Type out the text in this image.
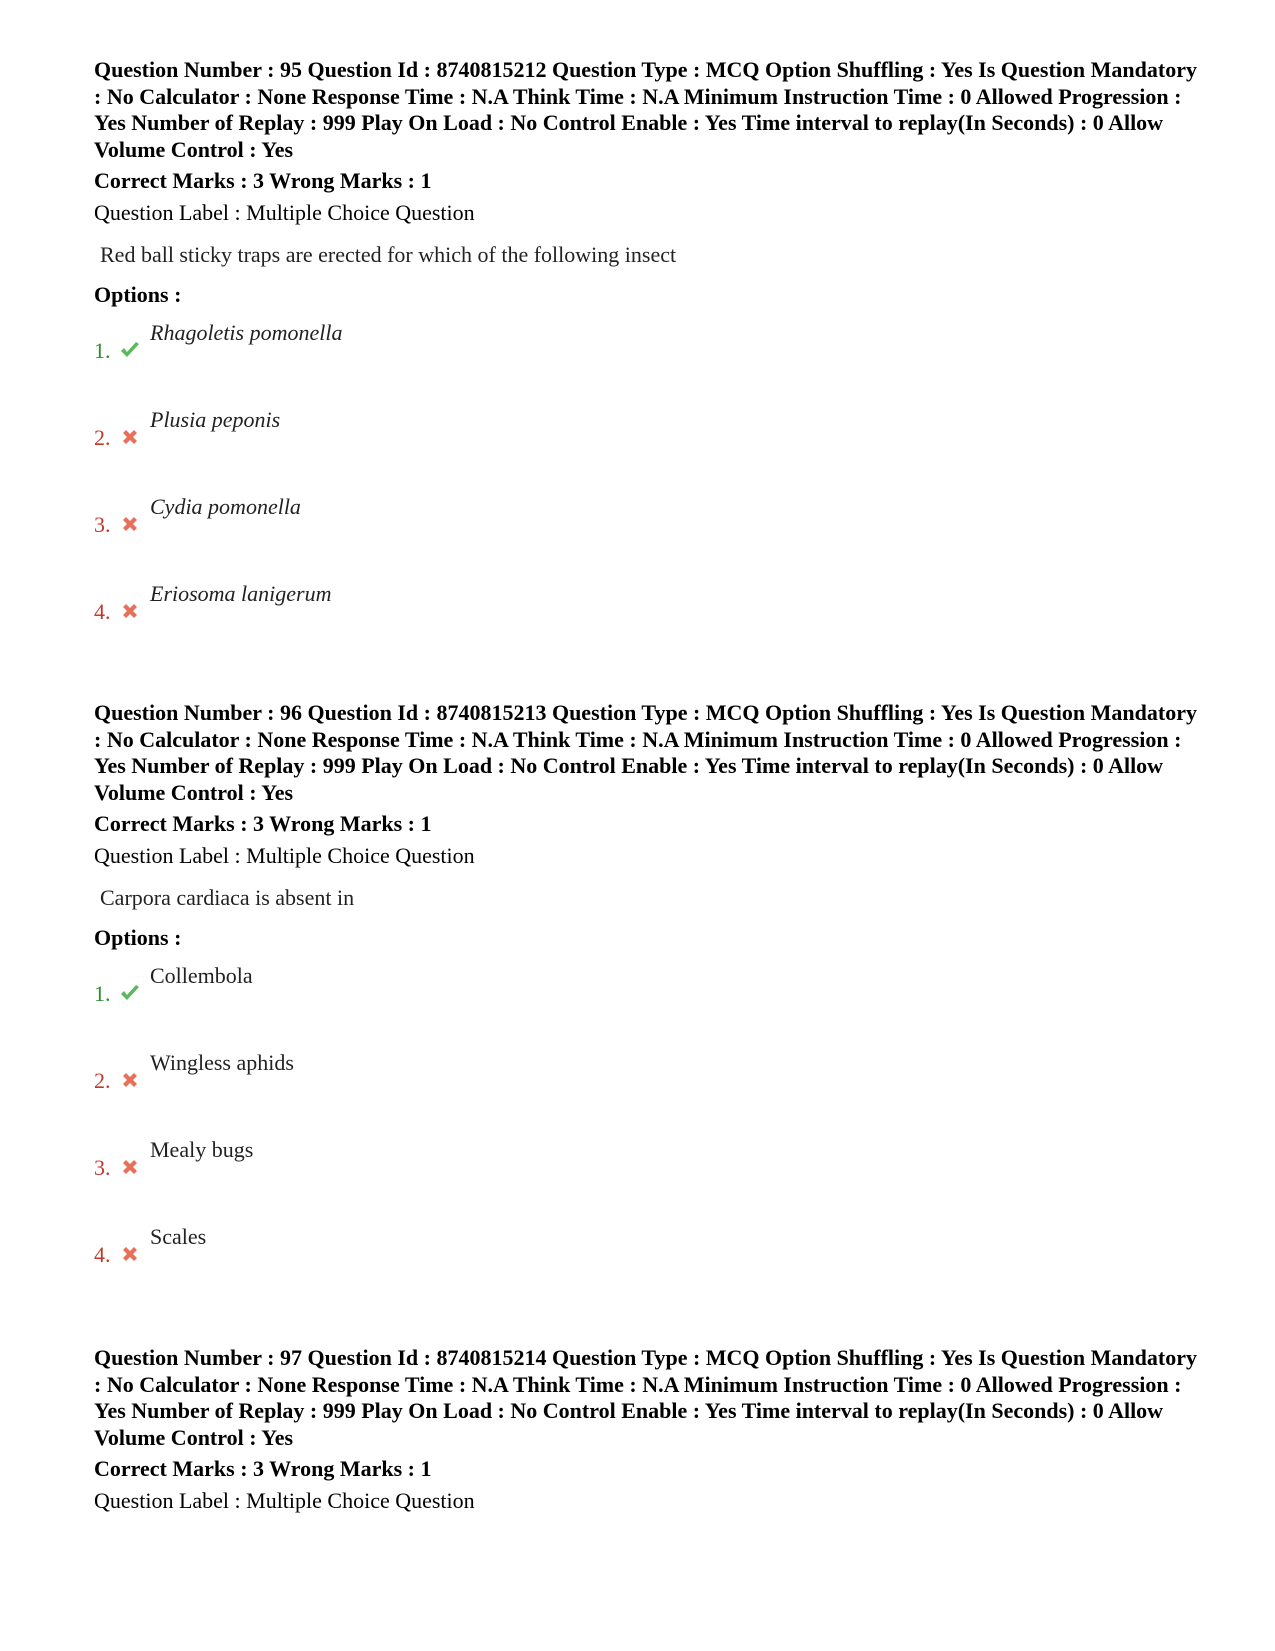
Question Number : 95 Question Id : 8740815212 Question Type : MCQ Option Shuffling : Yes Is Question Mandatory : No Calculator : None Response Time : N.A Think Time : N.A Minimum Instruction Time : 0 Allowed Progression : Yes Number of Replay : 999 Play On Load : No Control Enable : Yes Time interval to replay(In Seconds) : 0 Allow Volume Control : Yes

Correct Marks : 3 Wrong Marks : 1
Question Label : Multiple Choice Question
Red ball sticky traps are erected for which of the following insect
Options :
1.
Rhagoletis pomonella
2.
Plusia peponis
3.
Cydia pomonella
4.
Eriosoma lanigerum

Question Number : 96 Question Id : 8740815213 Question Type : MCQ Option Shuffling : Yes Is Question Mandatory : No Calculator : None Response Time : N.A Think Time : N.A Minimum Instruction Time : 0 Allowed Progression : Yes Number of Replay : 999 Play On Load : No Control Enable : Yes Time interval to replay(In Seconds) : 0 Allow Volume Control : Yes

Correct Marks : 3 Wrong Marks : 1
Question Label : Multiple Choice Question
Carpora cardiaca is absent in
Options :
1.
Collembola
2.
Wingless aphids
3.
Mealy bugs
4.
Scales

Question Number : 97 Question Id : 8740815214 Question Type : MCQ Option Shuffling : Yes Is Question Mandatory : No Calculator : None Response Time : N.A Think Time : N.A Minimum Instruction Time : 0 Allowed Progression : Yes Number of Replay : 999 Play On Load : No Control Enable : Yes Time interval to replay(In Seconds) : 0 Allow Volume Control : Yes

Correct Marks : 3 Wrong Marks : 1
Question Label : Multiple Choice Question
